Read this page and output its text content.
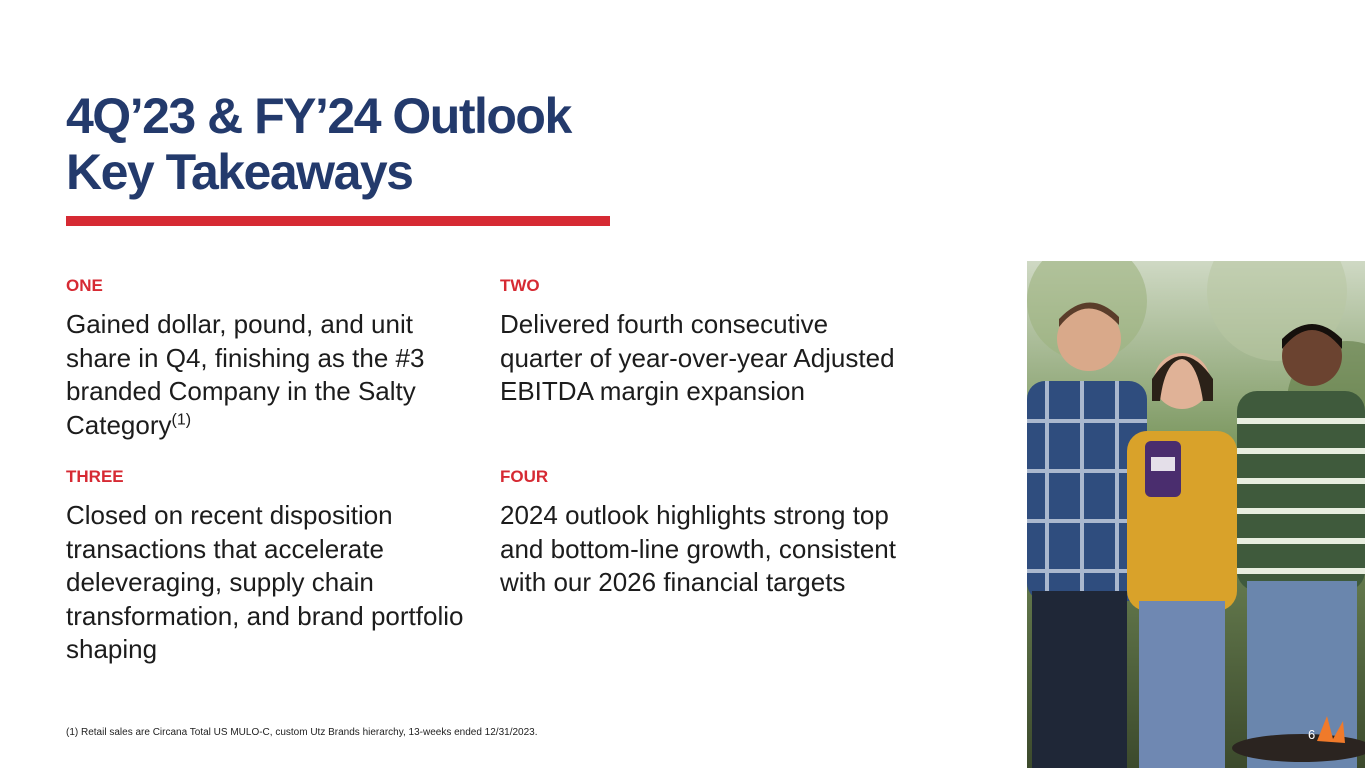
4Q’23 & FY’24 Outlook
Key Takeaways

ONE

Gained dollar, pound, and unit share in Q4, finishing as the #3 branded Company in the Salty Category$^{(1)}$

TWO

Delivered fourth consecutive quarter of year-over-year Adjusted EBITDA margin expansion

THREE

Closed on recent disposition transactions that accelerate deleveraging, supply chain transformation, and brand portfolio shaping

FOUR

2024 outlook highlights strong top and bottom-line growth, consistent with our 2026 financial targets

(1) Retail sales are Circana Total US MULO-C, custom Utz Brands hierarchy, 13-weeks ended 12/31/2023.	6
